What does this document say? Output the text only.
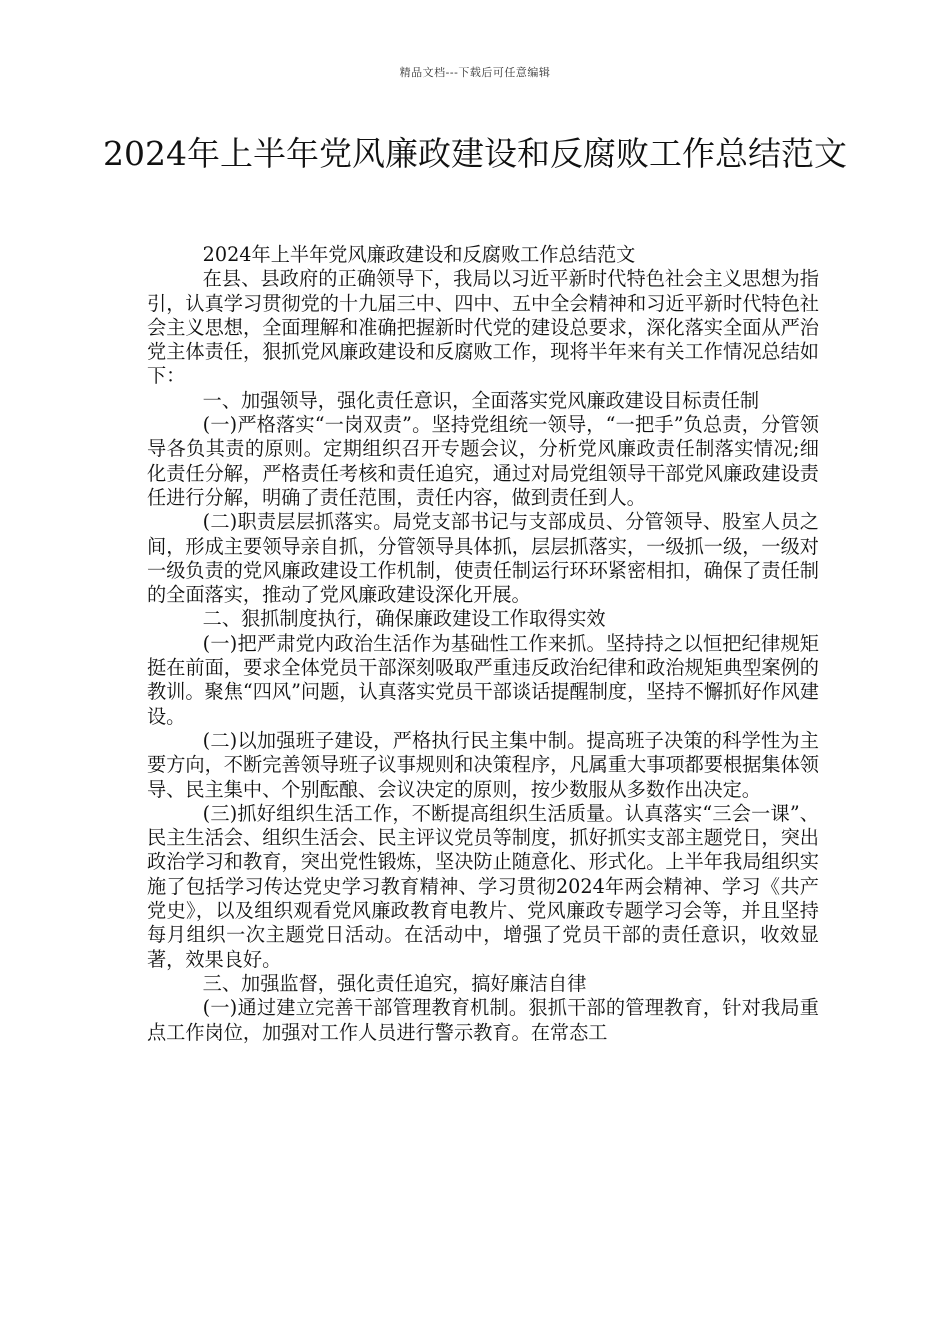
精品文档---下载后可任意编辑
2024年上半年党风廉政建设和反腐败工作总结范文

2024年上半年党风廉政建设和反腐败工作总结范文

在县、县政府的正确领导下，我局以习近平新时代特色社会主义思想为指引，认真学习贯彻党的十九届三中、四中、五中全会精神和习近平新时代特色社会主义思想，全面理解和准确把握新时代党的建设总要求，深化落实全面从严治党主体责任，狠抓党风廉政建设和反腐败工作，现将半年来有关工作情况总结如下：

一、加强领导，强化责任意识，全面落实党风廉政建设目标责任制

(一)严格落实“一岗双责”。坚持党组统一领导，“一把手”负总责，分管领导各负其责的原则。定期组织召开专题会议，分析党风廉政责任制落实情况;细化责任分解，严格责任考核和责任追究，通过对局党组领导干部党风廉政建设责任进行分解，明确了责任范围，责任内容，做到责任到人。

(二)职责层层抓落实。局党支部书记与支部成员、分管领导、股室人员之间，形成主要领导亲自抓，分管领导具体抓，层层抓落实，一级抓一级，一级对一级负责的党风廉政建设工作机制，使责任制运行环环紧密相扣，确保了责任制的全面落实，推动了党风廉政建设深化开展。

二、狠抓制度执行，确保廉政建设工作取得实效

(一)把严肃党内政治生活作为基础性工作来抓。坚持持之以恒把纪律规矩挺在前面，要求全体党员干部深刻吸取严重违反政治纪律和政治规矩典型案例的教训。聚焦“四风”问题，认真落实党员干部谈话提醒制度，坚持不懈抓好作风建设。

(二)以加强班子建设，严格执行民主集中制。提高班子决策的科学性为主要方向，不断完善领导班子议事规则和决策程序，凡属重大事项都要根据集体领导、民主集中、个别酝酿、会议决定的原则，按少数服从多数作出决定。

(三)抓好组织生活工作，不断提高组织生活质量。认真落实“三会一课”、民主生活会、组织生活会、民主评议党员等制度，抓好抓实支部主题党日，突出政治学习和教育，突出党性锻炼，坚决防止随意化、形式化。上半年我局组织实施了包括学习传达党史学习教育精神、学习贯彻2024年两会精神、学习《共产党史》，以及组织观看党风廉政教育电教片、党风廉政专题学习会等，并且坚持每月组织一次主题党日活动。在活动中，增强了党员干部的责任意识，收效显著，效果良好。

三、加强监督，强化责任追究，搞好廉洁自律

(一)通过建立完善干部管理教育机制。狠抓干部的管理教育，针对我局重点工作岗位，加强对工作人员进行警示教育。在常态工
